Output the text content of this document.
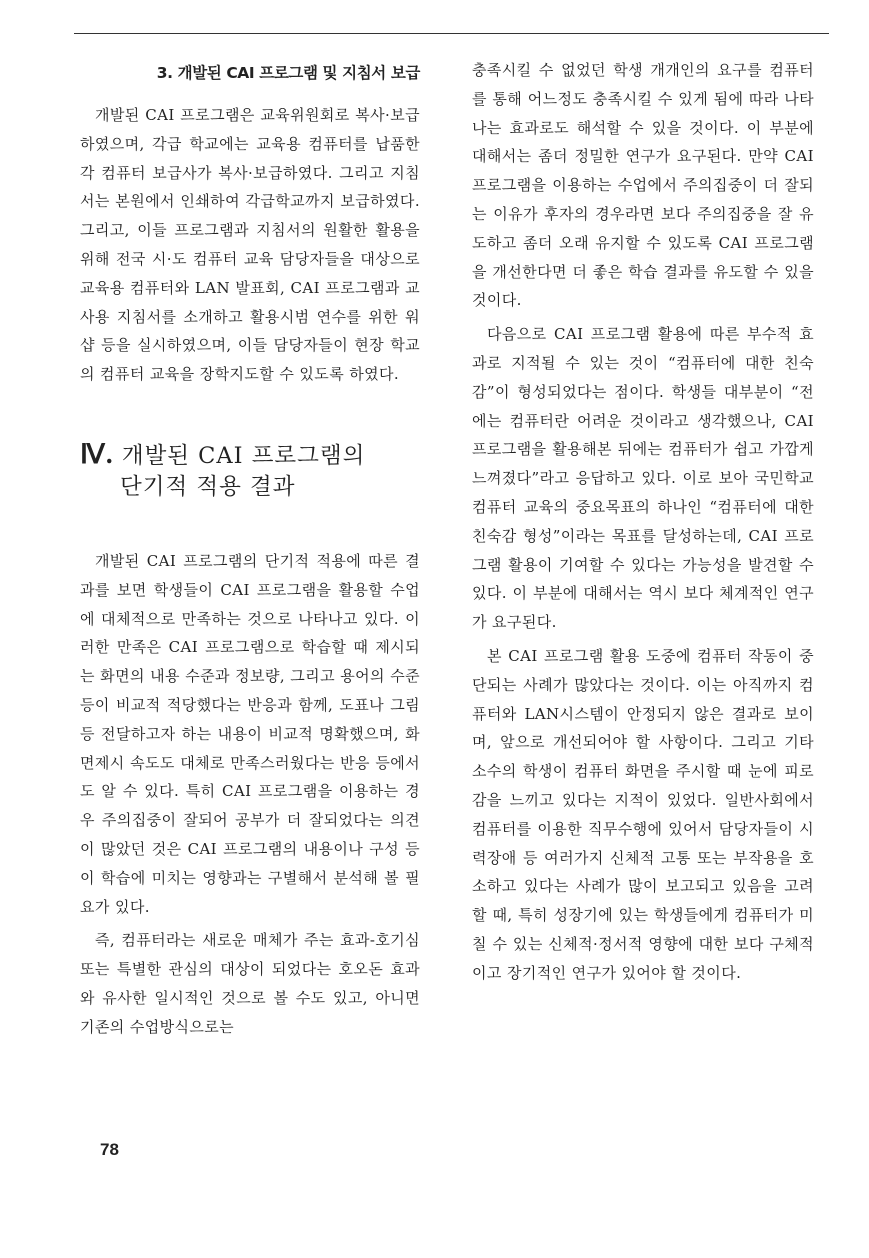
3. 개발된 CAI 프로그램 및 지침서 보급

개발된 CAI 프로그램은 교육위원회로 복사·보급하였으며, 각급 학교에는 교육용 컴퓨터를 납품한 각 컴퓨터 보급사가 복사·보급하였다. 그리고 지침서는 본원에서 인쇄하여 각급학교까지 보급하였다. 그리고, 이들 프로그램과 지침서의 원활한 활용을 위해 전국 시·도 컴퓨터 교육 담당자들을 대상으로 교육용 컴퓨터와 LAN 발표회, CAI 프로그램과 교사용 지침서를 소개하고 활용시범 연수를 위한 워샵 등을 실시하였으며, 이들 담당자들이 현장 학교의 컴퓨터 교육을 장학지도할 수 있도록 하였다.

Ⅳ. 개발된 CAI 프로그램의
단기적 적용 결과

개발된 CAI 프로그램의 단기적 적용에 따른 결과를 보면 학생들이 CAI 프로그램을 활용할 수업에 대체적으로 만족하는 것으로 나타나고 있다. 이러한 만족은 CAI 프로그램으로 학습할 때 제시되는 화면의 내용 수준과 정보량, 그리고 용어의 수준 등이 비교적 적당했다는 반응과 함께, 도표나 그림 등 전달하고자 하는 내용이 비교적 명확했으며, 화면제시 속도도 대체로 만족스러웠다는 반응 등에서도 알 수 있다. 특히 CAI 프로그램을 이용하는 경우 주의집중이 잘되어 공부가 더 잘되었다는 의견이 많았던 것은 CAI 프로그램의 내용이나 구성 등이 학습에 미치는 영향과는 구별해서 분석해 볼 필요가 있다.

즉, 컴퓨터라는 새로운 매체가 주는 효과-호기심 또는 특별한 관심의 대상이 되었다는 호오돈 효과와 유사한 일시적인 것으로 볼 수도 있고, 아니면 기존의 수업방식으로는

충족시킬 수 없었던 학생 개개인의 요구를 컴퓨터를 통해 어느정도 충족시킬 수 있게 됨에 따라 나타나는 효과로도 해석할 수 있을 것이다. 이 부분에 대해서는 좀더 정밀한 연구가 요구된다. 만약 CAI 프로그램을 이용하는 수업에서 주의집중이 더 잘되는 이유가 후자의 경우라면 보다 주의집중을 잘 유도하고 좀더 오래 유지할 수 있도록 CAI 프로그램을 개선한다면 더 좋은 학습 결과를 유도할 수 있을 것이다.

다음으로 CAI 프로그램 활용에 따른 부수적 효과로 지적될 수 있는 것이 “컴퓨터에 대한 친숙감”이 형성되었다는 점이다. 학생들 대부분이 “전에는 컴퓨터란 어려운 것이라고 생각했으나, CAI 프로그램을 활용해본 뒤에는 컴퓨터가 쉽고 가깝게 느껴졌다”라고 응답하고 있다. 이로 보아 국민학교 컴퓨터 교육의 중요목표의 하나인 “컴퓨터에 대한 친숙감 형성”이라는 목표를 달성하는데, CAI 프로그램 활용이 기여할 수 있다는 가능성을 발견할 수 있다. 이 부분에 대해서는 역시 보다 체계적인 연구가 요구된다.

본 CAI 프로그램 활용 도중에 컴퓨터 작동이 중단되는 사례가 많았다는 것이다. 이는 아직까지 컴퓨터와 LAN시스템이 안정되지 않은 결과로 보이며, 앞으로 개선되어야 할 사항이다. 그리고 기타 소수의 학생이 컴퓨터 화면을 주시할 때 눈에 피로감을 느끼고 있다는 지적이 있었다. 일반사회에서 컴퓨터를 이용한 직무수행에 있어서 담당자들이 시력장애 등 여러가지 신체적 고통 또는 부작용을 호소하고 있다는 사례가 많이 보고되고 있음을 고려할 때, 특히 성장기에 있는 학생들에게 컴퓨터가 미칠 수 있는 신체적·정서적 영향에 대한 보다 구체적이고 장기적인 연구가 있어야 할 것이다.

78
